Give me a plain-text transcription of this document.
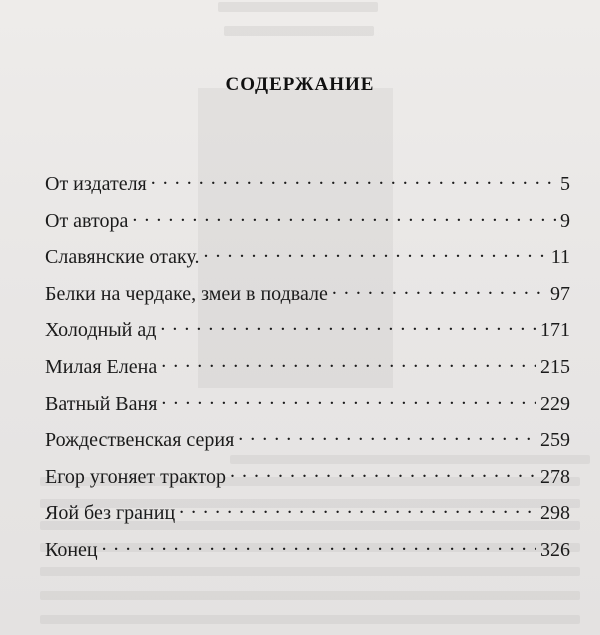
СОДЕРЖАНИЕ
От издателя . . .	5
От автора . . .	9
Славянские отаку. . . .	11
Белки на чердаке, змеи в подвале . . .	97
Холодный ад . . .	171
Милая Елена . . .	215
Ватный Ваня . . .	229
Рождественская серия . . .	259
Егор угоняет трактор . . .	278
Яой без границ . . .	298
Конец . . .	326
